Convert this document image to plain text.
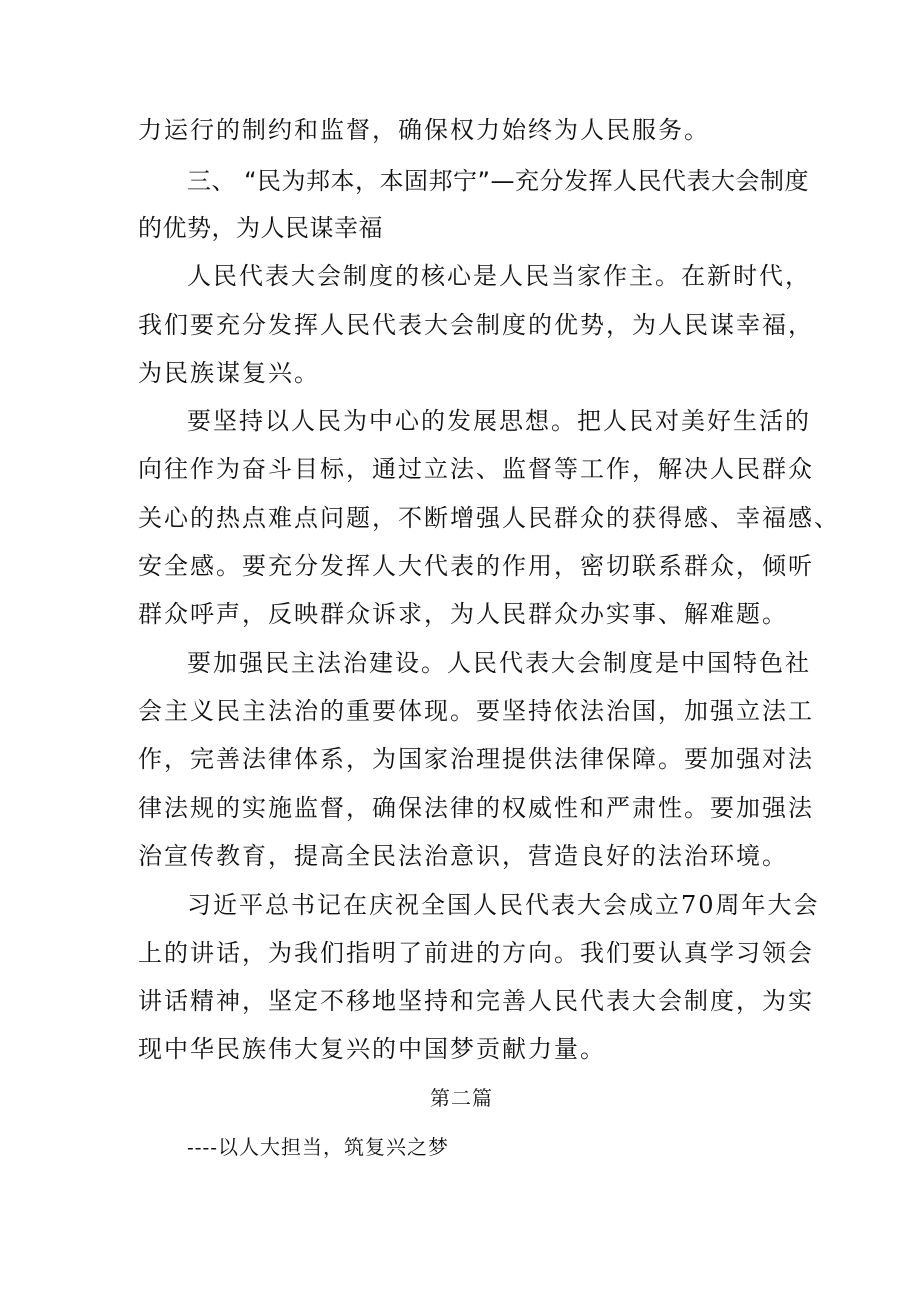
力运行的制约和监督，确保权力始终为人民服务。
三、 “民为邦本，本固邦宁”—充分发挥人民代表大会制度
的优势，为人民谋幸福
人民代表大会制度的核心是人民当家作主。在新时代，
我们要充分发挥人民代表大会制度的优势，为人民谋幸福，
为民族谋复兴。
要坚持以人民为中心的发展思想。把人民对美好生活的
向往作为奋斗目标，通过立法、监督等工作，解决人民群众
关心的热点难点问题，不断增强人民群众的获得感、幸福感、
安全感。要充分发挥人大代表的作用，密切联系群众，倾听
群众呼声，反映群众诉求，为人民群众办实事、解难题。
要加强民主法治建设。人民代表大会制度是中国特色社
会主义民主法治的重要体现。要坚持依法治国，加强立法工
作，完善法律体系，为国家治理提供法律保障。要加强对法
律法规的实施监督，确保法律的权威性和严肃性。要加强法
治宣传教育，提高全民法治意识，营造良好的法治环境。
习近平总书记在庆祝全国人民代表大会成立70周年大会
上的讲话，为我们指明了前进的方向。我们要认真学习领会
讲话精神，坚定不移地坚持和完善人民代表大会制度，为实
现中华民族伟大复兴的中国梦贡献力量。
第二篇
----以人大担当，筑复兴之梦
